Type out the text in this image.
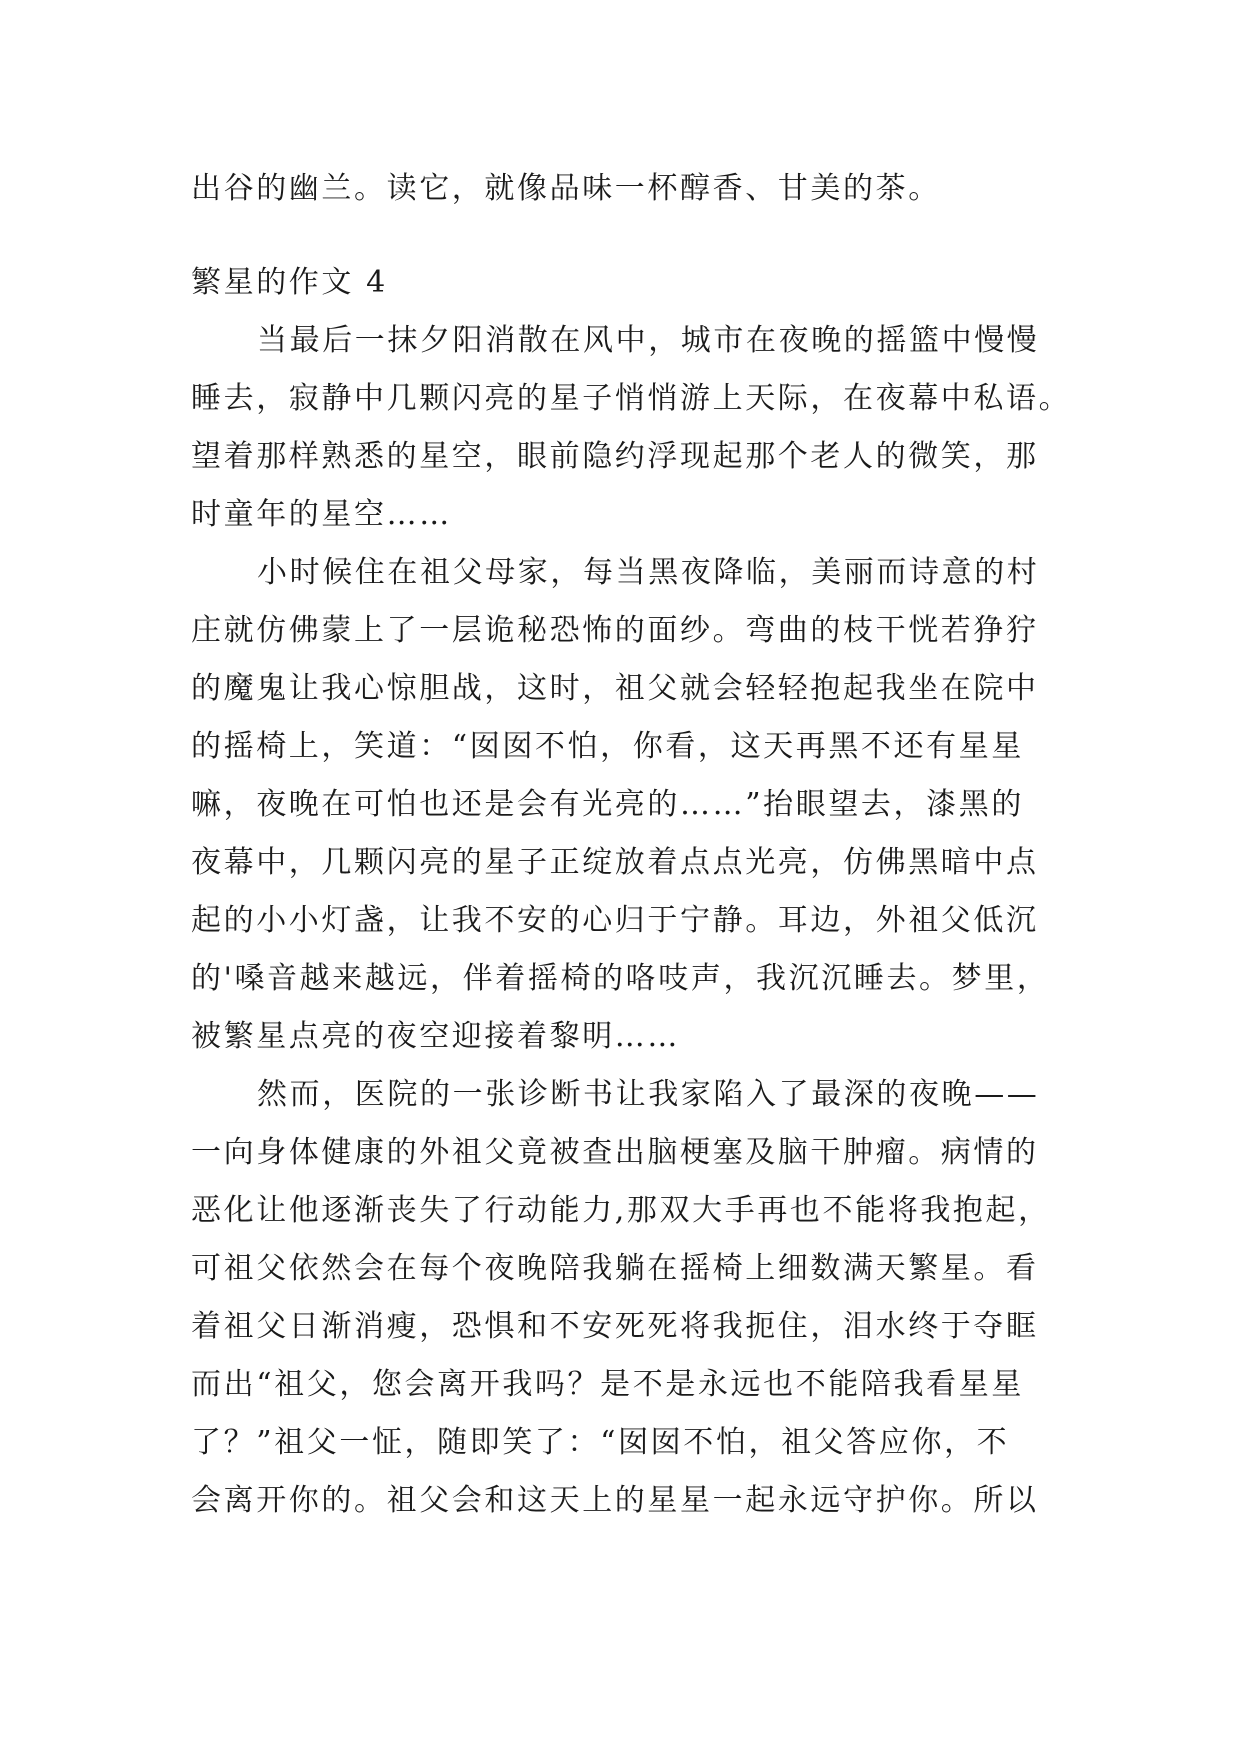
出谷的幽兰。读它，就像品味一杯醇香、甘美的茶。
繁星的作文 4
当最后一抹夕阳消散在风中，城市在夜晚的摇篮中慢慢
睡去，寂静中几颗闪亮的星子悄悄游上天际，在夜幕中私语。
望着那样熟悉的星空，眼前隐约浮现起那个老人的微笑，那
时童年的星空……
小时候住在祖父母家，每当黑夜降临，美丽而诗意的村
庄就仿佛蒙上了一层诡秘恐怖的面纱。弯曲的枝干恍若狰狞
的魔鬼让我心惊胆战，这时，祖父就会轻轻抱起我坐在院中
的摇椅上，笑道：“囡囡不怕，你看，这天再黑不还有星星
嘛，夜晚在可怕也还是会有光亮的……”抬眼望去，漆黑的
夜幕中，几颗闪亮的星子正绽放着点点光亮，仿佛黑暗中点
起的小小灯盏，让我不安的心归于宁静。耳边，外祖父低沉
的'嗓音越来越远，伴着摇椅的咯吱声，我沉沉睡去。梦里，
被繁星点亮的夜空迎接着黎明……
然而，医院的一张诊断书让我家陷入了最深的夜晚——
一向身体健康的外祖父竟被查出脑梗塞及脑干肿瘤。病情的
恶化让他逐渐丧失了行动能力,那双大手再也不能将我抱起，
可祖父依然会在每个夜晚陪我躺在摇椅上细数满天繁星。看
着祖父日渐消瘦，恐惧和不安死死将我扼住，泪水终于夺眶
而出“祖父，您会离开我吗？是不是永远也不能陪我看星星
了？”祖父一怔，随即笑了：“囡囡不怕，祖父答应你，不
会离开你的。祖父会和这天上的星星一起永远守护你。所以
